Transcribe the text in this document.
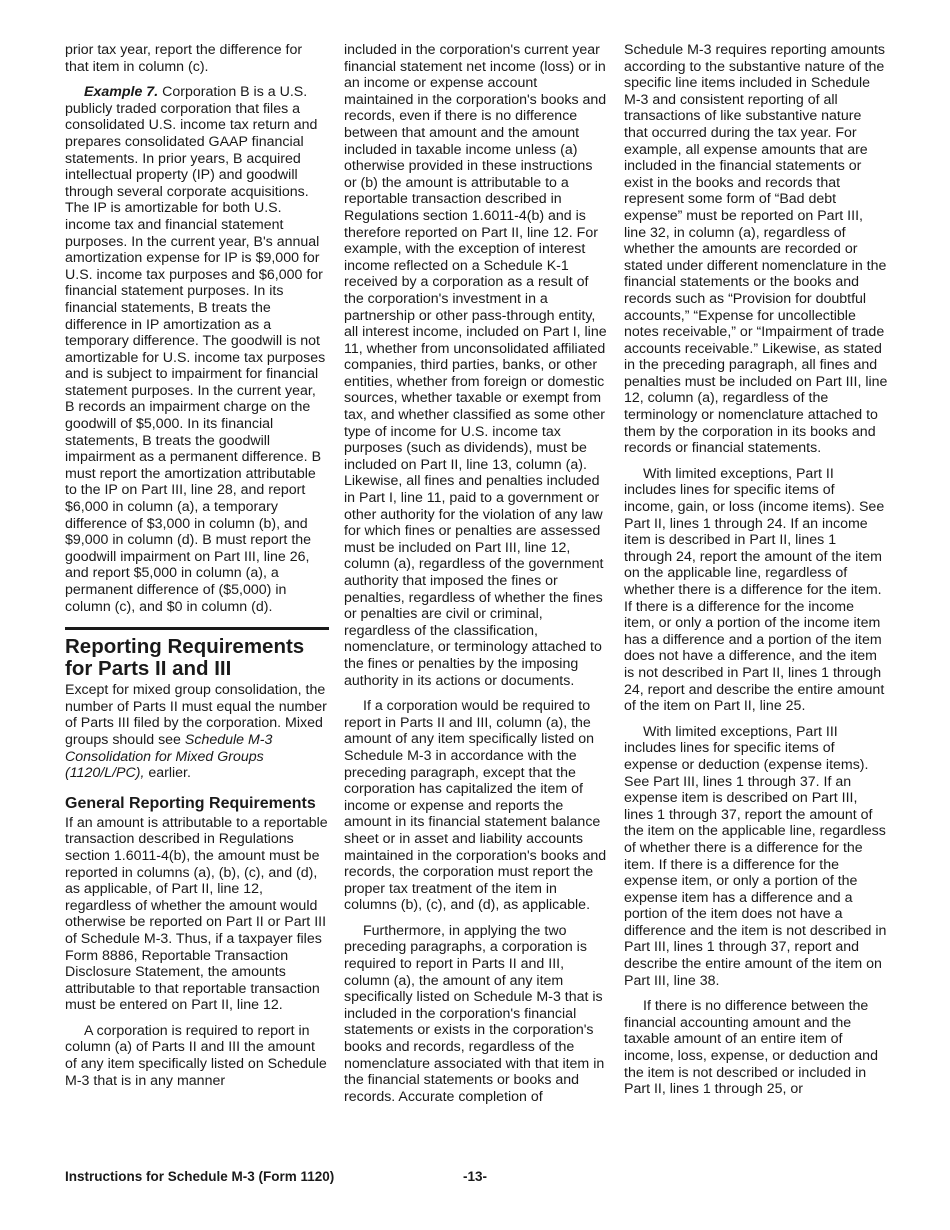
prior tax year, report the difference for that item in column (c).

Example 7. Corporation B is a U.S. publicly traded corporation that files a consolidated U.S. income tax return and prepares consolidated GAAP financial statements. In prior years, B acquired intellectual property (IP) and goodwill through several corporate acquisitions. The IP is amortizable for both U.S. income tax and financial statement purposes. In the current year, B's annual amortization expense for IP is $9,000 for U.S. income tax purposes and $6,000 for financial statement purposes. In its financial statements, B treats the difference in IP amortization as a temporary difference. The goodwill is not amortizable for U.S. income tax purposes and is subject to impairment for financial statement purposes. In the current year, B records an impairment charge on the goodwill of $5,000. In its financial statements, B treats the goodwill impairment as a permanent difference. B must report the amortization attributable to the IP on Part III, line 28, and report $6,000 in column (a), a temporary difference of $3,000 in column (b), and $9,000 in column (d). B must report the goodwill impairment on Part III, line 26, and report $5,000 in column (a), a permanent difference of ($5,000) in column (c), and $0 in column (d).

Reporting Requirements for Parts II and III

Except for mixed group consolidation, the number of Parts II must equal the number of Parts III filed by the corporation. Mixed groups should see Schedule M-3 Consolidation for Mixed Groups (1120/L/PC), earlier.

General Reporting Requirements

If an amount is attributable to a reportable transaction described in Regulations section 1.6011-4(b), the amount must be reported in columns (a), (b), (c), and (d), as applicable, of Part II, line 12, regardless of whether the amount would otherwise be reported on Part II or Part III of Schedule M-3. Thus, if a taxpayer files Form 8886, Reportable Transaction Disclosure Statement, the amounts attributable to that reportable transaction must be entered on Part II, line 12.

A corporation is required to report in column (a) of Parts II and III the amount of any item specifically listed on Schedule M-3 that is in any manner

included in the corporation's current year financial statement net income (loss) or in an income or expense account maintained in the corporation's books and records, even if there is no difference between that amount and the amount included in taxable income unless (a) otherwise provided in these instructions or (b) the amount is attributable to a reportable transaction described in Regulations section 1.6011-4(b) and is therefore reported on Part II, line 12. For example, with the exception of interest income reflected on a Schedule K-1 received by a corporation as a result of the corporation's investment in a partnership or other pass-through entity, all interest income, included on Part I, line 11, whether from unconsolidated affiliated companies, third parties, banks, or other entities, whether from foreign or domestic sources, whether taxable or exempt from tax, and whether classified as some other type of income for U.S. income tax purposes (such as dividends), must be included on Part II, line 13, column (a). Likewise, all fines and penalties included in Part I, line 11, paid to a government or other authority for the violation of any law for which fines or penalties are assessed must be included on Part III, line 12, column (a), regardless of the government authority that imposed the fines or penalties, regardless of whether the fines or penalties are civil or criminal, regardless of the classification, nomenclature, or terminology attached to the fines or penalties by the imposing authority in its actions or documents.

If a corporation would be required to report in Parts II and III, column (a), the amount of any item specifically listed on Schedule M-3 in accordance with the preceding paragraph, except that the corporation has capitalized the item of income or expense and reports the amount in its financial statement balance sheet or in asset and liability accounts maintained in the corporation's books and records, the corporation must report the proper tax treatment of the item in columns (b), (c), and (d), as applicable.

Furthermore, in applying the two preceding paragraphs, a corporation is required to report in Parts II and III, column (a), the amount of any item specifically listed on Schedule M-3 that is included in the corporation's financial statements or exists in the corporation's books and records, regardless of the nomenclature associated with that item in the financial statements or books and records. Accurate completion of

Schedule M-3 requires reporting amounts according to the substantive nature of the specific line items included in Schedule M-3 and consistent reporting of all transactions of like substantive nature that occurred during the tax year. For example, all expense amounts that are included in the financial statements or exist in the books and records that represent some form of “Bad debt expense” must be reported on Part III, line 32, in column (a), regardless of whether the amounts are recorded or stated under different nomenclature in the financial statements or the books and records such as “Provision for doubtful accounts,” “Expense for uncollectible notes receivable,” or “Impairment of trade accounts receivable.” Likewise, as stated in the preceding paragraph, all fines and penalties must be included on Part III, line 12, column (a), regardless of the terminology or nomenclature attached to them by the corporation in its books and records or financial statements.

With limited exceptions, Part II includes lines for specific items of income, gain, or loss (income items). See Part II, lines 1 through 24. If an income item is described in Part II, lines 1 through 24, report the amount of the item on the applicable line, regardless of whether there is a difference for the item. If there is a difference for the income item, or only a portion of the income item has a difference and a portion of the item does not have a difference, and the item is not described in Part II, lines 1 through 24, report and describe the entire amount of the item on Part II, line 25.

With limited exceptions, Part III includes lines for specific items of expense or deduction (expense items). See Part III, lines 1 through 37. If an expense item is described on Part III, lines 1 through 37, report the amount of the item on the applicable line, regardless of whether there is a difference for the item. If there is a difference for the expense item, or only a portion of the expense item has a difference and a portion of the item does not have a difference and the item is not described in Part III, lines 1 through 37, report and describe the entire amount of the item on Part III, line 38.

If there is no difference between the financial accounting amount and the taxable amount of an entire item of income, loss, expense, or deduction and the item is not described or included in Part II, lines 1 through 25, or

Instructions for Schedule M-3 (Form 1120)	-13-
